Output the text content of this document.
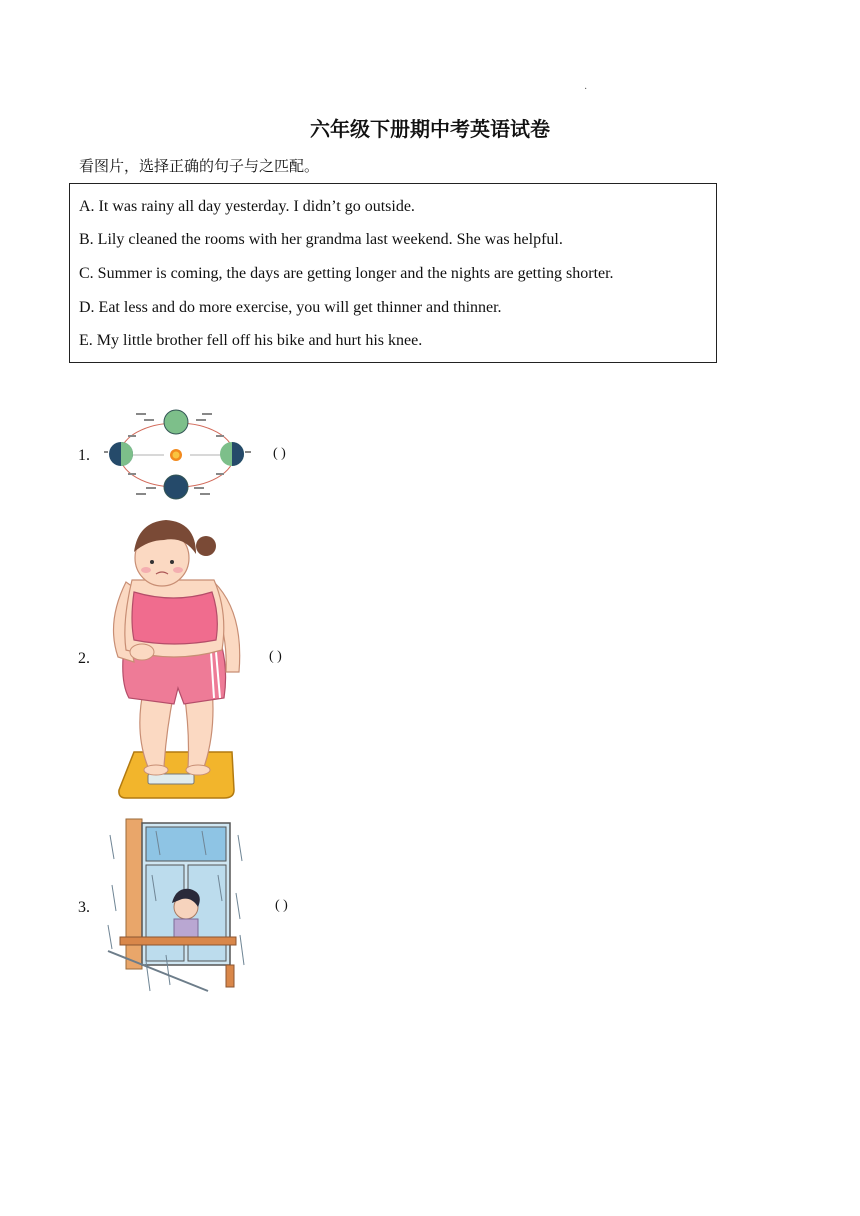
·
六年级下册期中考英语试卷
看图片，选择正确的句子与之匹配。
A. It was rainy all day yesterday. I didn’t go outside.
B. Lily cleaned the rooms with her grandma last weekend. She was helpful.
C. Summer is coming, the days are getting longer and the nights are getting shorter.
D. Eat less and do more exercise, you will get thinner and thinner.
E. My little brother fell off his bike and hurt his knee.
1.	( )
2.	( )
3.	( )
